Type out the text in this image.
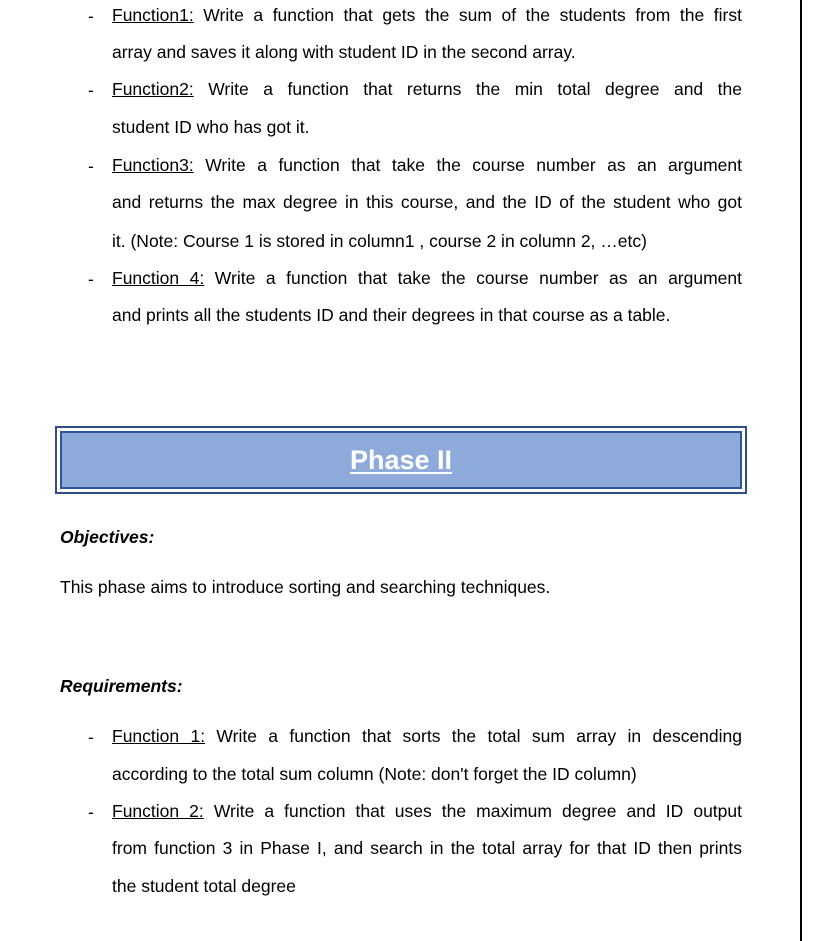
-	Function1: Write a function that gets the sum of the students from the first
array and saves it along with student ID in the second array.
-	Function2: Write a function that returns the min total degree and the
student ID who has got it.
-	Function3: Write a function that take the course number as an argument
and returns the max degree in this course, and the ID of the student who got
it. (Note: Course 1 is stored in column1 , course 2 in column 2, …etc)
-	Function 4: Write a function that take the course number as an argument
and prints all the students ID and their degrees in that course as a table.
Phase II
Objectives:
This phase aims to introduce sorting and searching techniques.
Requirements:
-	Function 1: Write a function that sorts the total sum array in descending
according to the total sum column (Note: don't forget the ID column)
-	Function 2: Write a function that uses the maximum degree and ID output
from function 3 in Phase I, and search in the total array for that ID then prints
the student total degree
